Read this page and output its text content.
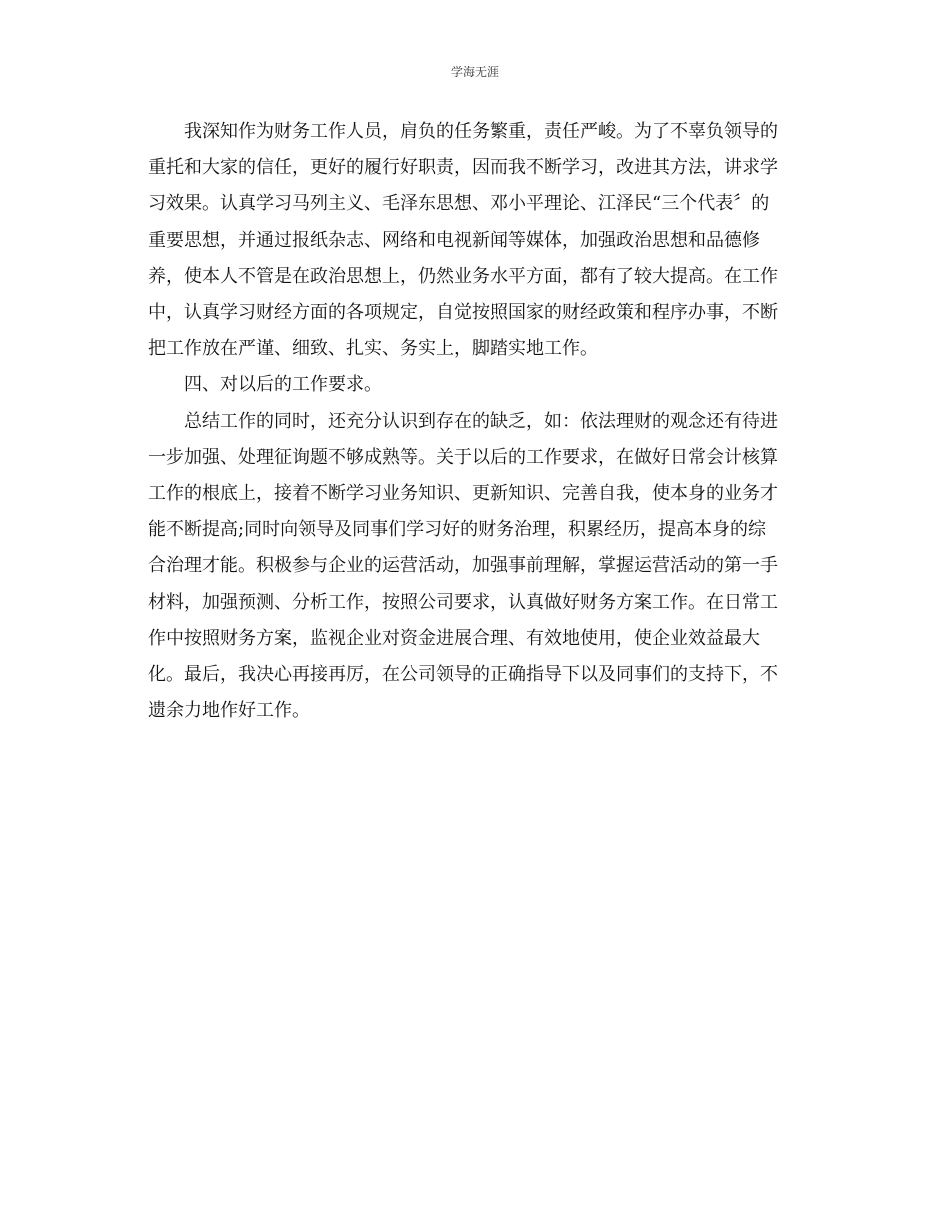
学海无涯

我深知作为财务工作人员，肩负的任务繁重，责任严峻。为了不辜负领导的
重托和大家的信任，更好的履行好职责，因而我不断学习，改进其方法，讲求学
习效果。认真学习马列主义、毛泽东思想、邓小平理论、江泽民“三个代表〞的
重要思想，并通过报纸杂志、网络和电视新闻等媒体，加强政治思想和品德修
养，使本人不管是在政治思想上，仍然业务水平方面，都有了较大提高。在工作
中，认真学习财经方面的各项规定，自觉按照国家的财经政策和程序办事，不断
把工作放在严谨、细致、扎实、务实上，脚踏实地工作。

四、对以后的工作要求。

总结工作的同时，还充分认识到存在的缺乏，如：依法理财的观念还有待进
一步加强、处理征询题不够成熟等。关于以后的工作要求，在做好日常会计核算
工作的根底上，接着不断学习业务知识、更新知识、完善自我，使本身的业务才
能不断提高;同时向领导及同事们学习好的财务治理，积累经历，提高本身的综
合治理才能。积极参与企业的运营活动，加强事前理解，掌握运营活动的第一手
材料，加强预测、分析工作，按照公司要求，认真做好财务方案工作。在日常工
作中按照财务方案，监视企业对资金进展合理、有效地使用，使企业效益最大
化。最后，我决心再接再厉，在公司领导的正确指导下以及同事们的支持下，不
遗余力地作好工作。
